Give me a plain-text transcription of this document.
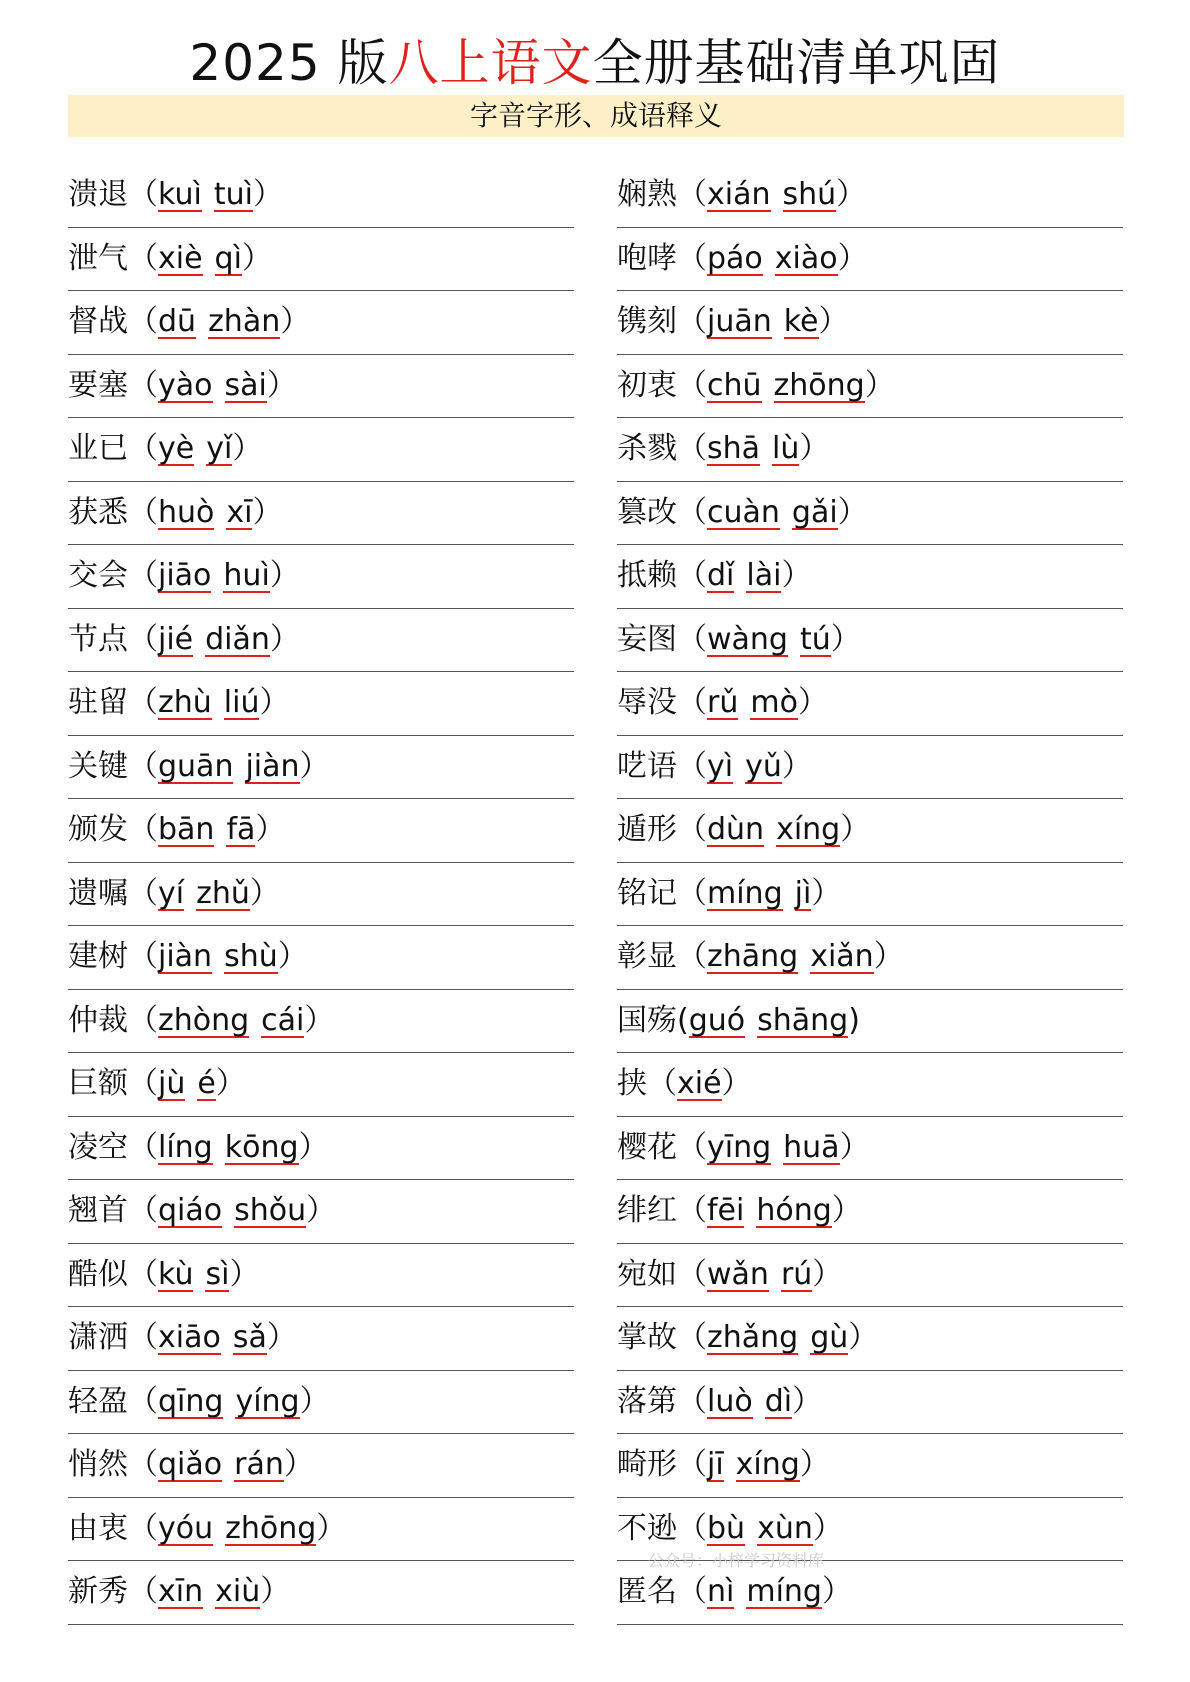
2025 版八上语文全册基础清单巩固
字音字形、成语释义
溃退（kuì tuì）
泄气（xiè qì）
督战（dū zhàn）
要塞（yào sài）
业已（yè yǐ）
获悉（huò xī）
交会（jiāo huì）
节点（jié diǎn）
驻留（zhù liú）
关键（guān jiàn）
颁发（bān fā）
遗嘱（yí zhǔ）
建树（jiàn shù）
仲裁（zhòng cái）
巨额（jù é）
凌空（líng kōng）
翘首（qiáo shǒu）
酷似（kù sì）
潇洒（xiāo sǎ）
轻盈（qīng yíng）
悄然（qiǎo rán）
由衷（yóu zhōng）
新秀（xīn xiù）
娴熟（xián shú）
咆哮（páo xiào）
镌刻（juān kè）
初衷（chū zhōng）
杀戮（shā lù）
篡改（cuàn gǎi）
抵赖（dǐ lài）
妄图（wàng tú）
辱没（rǔ mò）
呓语（yì yǔ）
遁形（dùn xíng）
铭记（míng jì）
彰显（zhāng xiǎn）
国殇(guó shāng)
挟（xié）
樱花（yīng huā）
绯红（fēi hóng）
宛如（wǎn rú）
掌故（zhǎng gù）
落第（luò dì）
畸形（jī xíng）
不逊（bù xùn）
匿名（nì míng）
公众号：小梓学习资料库
